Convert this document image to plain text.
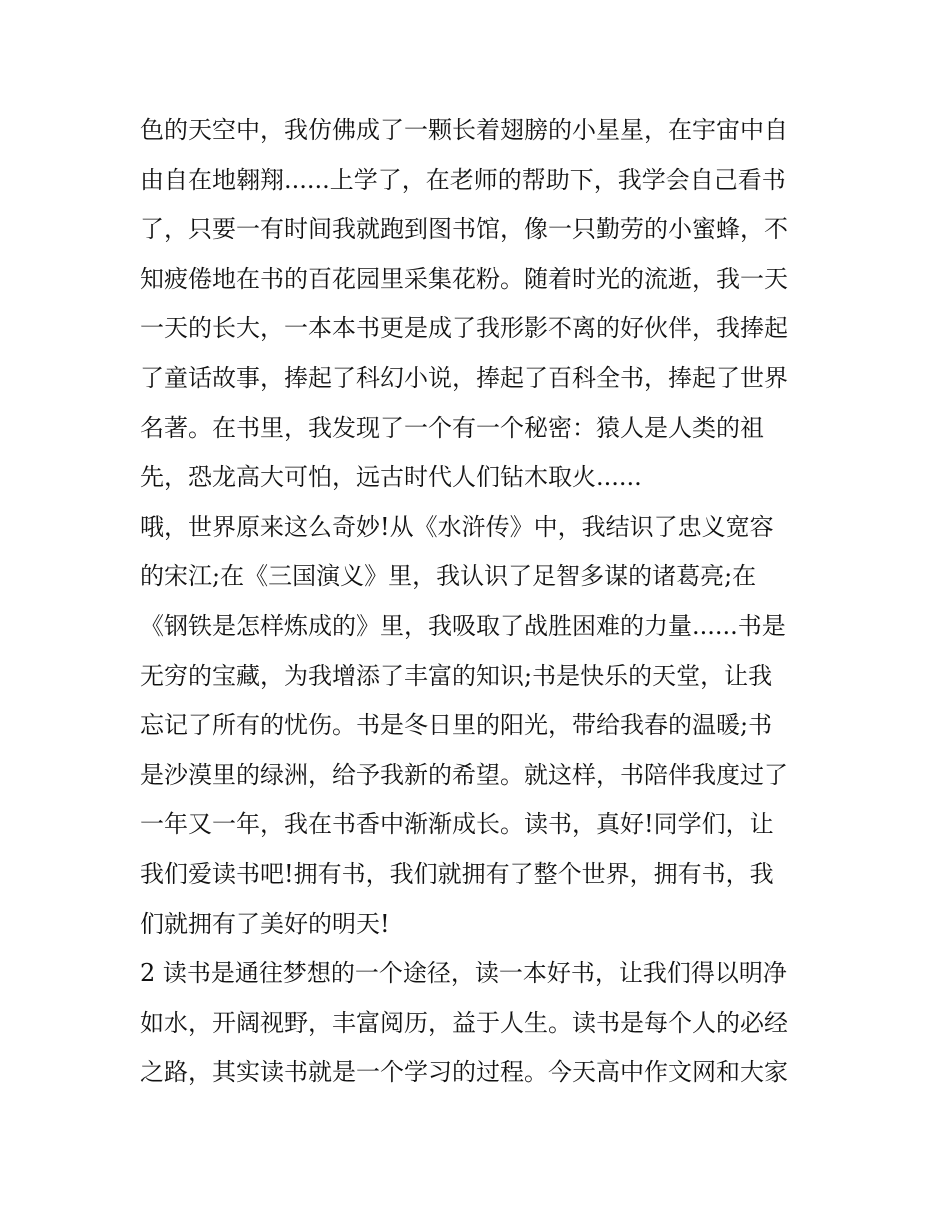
色的天空中，我仿佛成了一颗长着翅膀的小星星，在宇宙中自
由自在地翱翔......上学了，在老师的帮助下，我学会自己看书
了，只要一有时间我就跑到图书馆，像一只勤劳的小蜜蜂，不
知疲倦地在书的百花园里采集花粉。随着时光的流逝，我一天
一天的长大，一本本书更是成了我形影不离的好伙伴，我捧起
了童话故事，捧起了科幻小说，捧起了百科全书，捧起了世界
名著。在书里，我发现了一个有一个秘密：猿人是人类的祖
先，恐龙高大可怕，远古时代人们钻木取火......
哦，世界原来这么奇妙!从《水浒传》中，我结识了忠义宽容
的宋江;在《三国演义》里，我认识了足智多谋的诸葛亮;在
《钢铁是怎样炼成的》里，我吸取了战胜困难的力量......书是
无穷的宝藏，为我增添了丰富的知识;书是快乐的天堂，让我
忘记了所有的忧伤。书是冬日里的阳光，带给我春的温暖;书
是沙漠里的绿洲，给予我新的希望。就这样，书陪伴我度过了
一年又一年，我在书香中渐渐成长。读书，真好!同学们，让
我们爱读书吧!拥有书，我们就拥有了整个世界，拥有书，我
们就拥有了美好的明天!
2 读书是通往梦想的一个途径，读一本好书，让我们得以明净
如水，开阔视野，丰富阅历，益于人生。读书是每个人的必经
之路，其实读书就是一个学习的过程。今天高中作文网和大家
